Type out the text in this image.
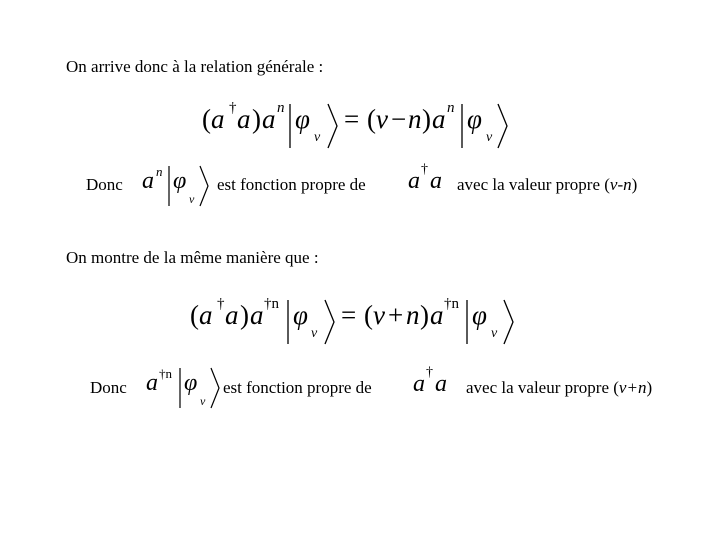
On arrive donc à la relation générale :
( a † a ) a n φ
v
= ( v − n ) a n φ
v
Donc a n φ
v
est fonction propre de a † a avec la valeur propre (v-n)
On montre de la même manière que :
( a † a ) a †n φ
v
= ( v + n ) a †n φ
v
Donc a †n φ
v
est fonction propre de a † a avec la valeur propre (v+n)
